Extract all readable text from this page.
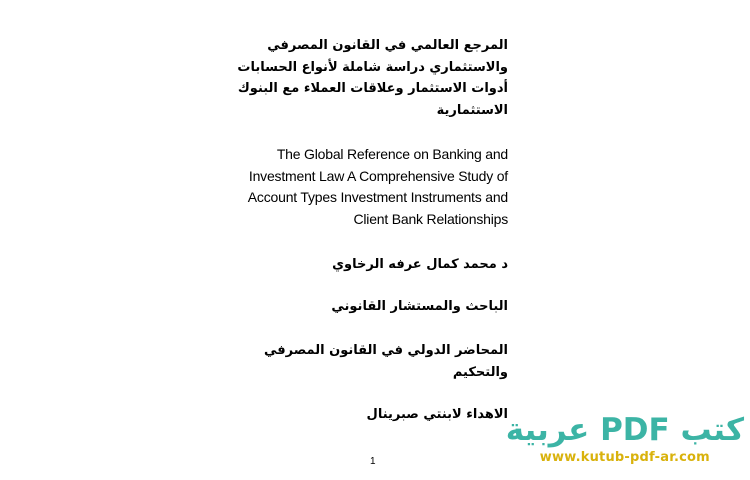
المرجع العالمي في القانون المصرفي
والاستثماري دراسة شاملة لأنواع الحسابات
أدوات الاستثمار وعلاقات العملاء مع البنوك
الاستثمارية
The Global Reference on Banking and
Investment Law A Comprehensive Study of
Account Types Investment Instruments and
Client Bank Relationships
د محمد كمال عرفه الرخاوي
الباحث والمستشار القانوني
المحاضر الدولي في القانون المصرفي
والتحكيم
الاهداء لابنتي صبرينال
1
كتب PDF عربية
www.kutub-pdf-ar.com
